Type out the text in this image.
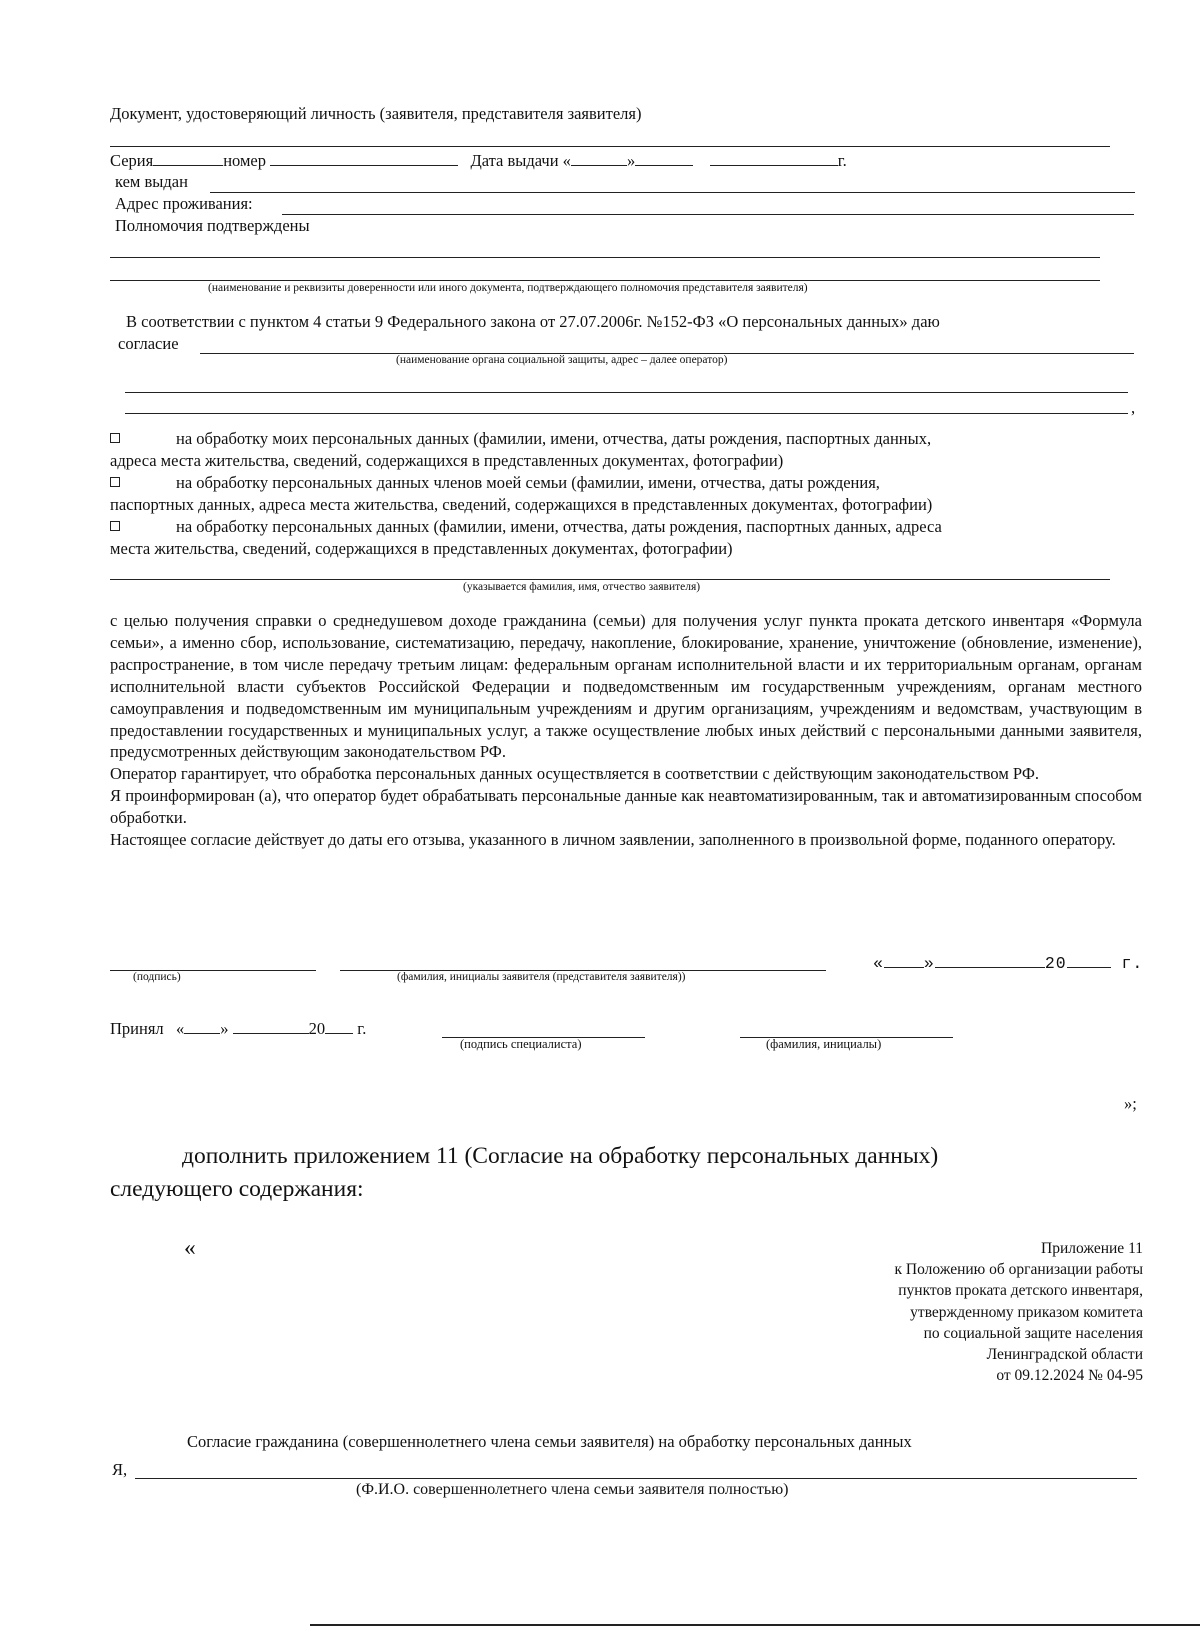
Документ, удостоверяющий личность (заявителя, представителя заявителя)
Серия	номер	Дата выдачи «	»	г.
кем выдан
Адрес проживания:
Полномочия подтверждены
(наименование и реквизиты доверенности или иного документа, подтверждающего полномочия представителя заявителя)
В соответствии с пунктом 4 статьи 9 Федерального закона от 27.07.2006г. №152-ФЗ «О персональных данных» даю
согласие
(наименование органа социальной защиты, адрес – далее оператор)
,
на обработку моих персональных данных (фамилии, имени, отчества, даты рождения, паспортных данных,
адреса места жительства, сведений, содержащихся в представленных документах, фотографии)
на обработку персональных данных членов моей семьи (фамилии, имени, отчества, даты рождения,
паспортных данных, адреса места жительства, сведений, содержащихся в представленных документах, фотографии)
на обработку персональных данных (фамилии, имени, отчества, даты рождения, паспортных данных, адреса
места жительства, сведений, содержащихся в представленных документах, фотографии)
(указывается фамилия, имя, отчество заявителя)

с целью получения справки о среднедушевом доходе гражданина (семьи) для получения услуг пункта проката детского инвентаря «Формула семьи», а именно сбор, использование, систематизацию, передачу, накопление, блокирование, хранение, уничтожение (обновление, изменение), распространение, в том числе передачу третьим лицам: федеральным органам исполнительной власти и их территориальным органам, органам исполнительной власти субъектов Российской Федерации и подведомственным им государственным учреждениям, органам местного самоуправления и подведомственным им муниципальным учреждениям и другим организациям, учреждениям и ведомствам, участвующим в предоставлении государственных и муниципальных услуг, а также осуществление любых иных действий с персональными данными заявителя, предусмотренных действующим законодательством РФ.

Оператор гарантирует, что обработка персональных данных осуществляется в соответствии с действующим законодательством РФ.

Я проинформирован (а), что оператор будет обрабатывать персональные данные как неавтоматизированным, так и автоматизированным способом обработки.

Настоящее согласие действует до даты его отзыва, указанного в личном заявлении, заполненного в произвольной форме, поданного оператору.

(подпись)	(фамилия, инициалы заявителя (представителя заявителя))
« »	20	г.
Принял « »	20 г.
(подпись специалиста)	(фамилия, инициалы)
»;
дополнить приложением 11 (Согласие на обработку персональных данных)
следующего содержания:
«	Приложение 11
к Положению об организации работы
пунктов проката детского инвентаря,
утвержденному приказом комитета
по социальной защите населения
Ленинградской области
от 09.12.2024 № 04-95
Согласие гражданина (совершеннолетнего члена семьи заявителя) на обработку персональных данных
Я,
(Ф.И.О. совершеннолетнего члена семьи заявителя полностью)
